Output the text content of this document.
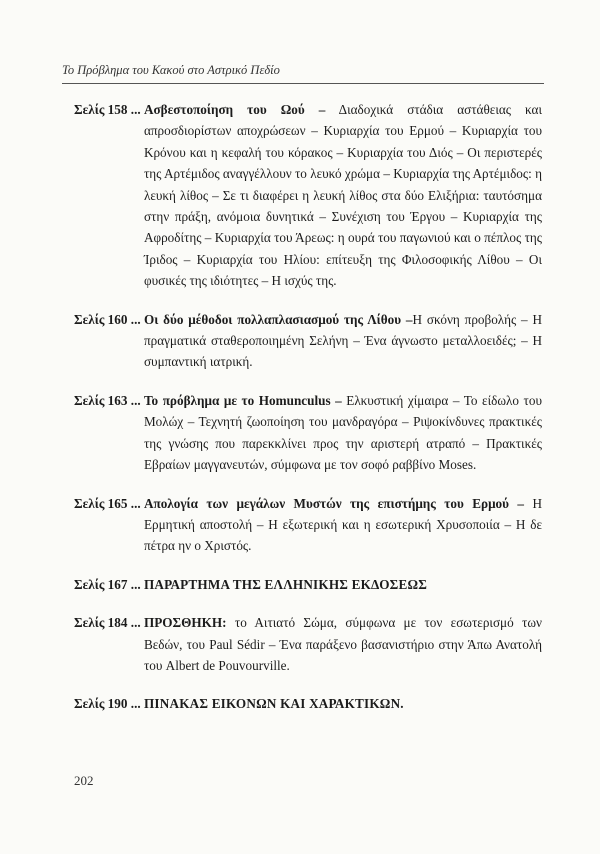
Το Πρόβλημα του Κακού στο Αστρικό Πεδίο
Σελίς 158 ... Ασβεστοποίηση του Ωού – Διαδοχικά στάδια αστάθειας και απροσδιορίστων αποχρώσεων – Κυριαρχία του Ερμού – Κυριαρχία του Κρόνου και η κεφαλή του κόρακος – Κυριαρχία του Διός – Οι περιστερές της Αρτέμιδος αναγγέλλουν το λευκό χρώμα – Κυριαρχία της Αρτέμιδος: η λευκή λίθος – Σε τι διαφέρει η λευκή λίθος στα δύο Ελιξήρια: ταυτόσημα στην πράξη, ανόμοια δυνητικά – Συνέχιση του Έργου – Κυριαρχία της Αφροδίτης – Κυριαρχία του Άρεως: η ουρά του παγωνιού και ο πέπλος της Ίριδος – Κυριαρχία του Ηλίου: επίτευξη της Φιλοσοφικής Λίθου – Οι φυσικές της ιδιότητες – Η ισχύς της.
Σελίς 160 ... Οι δύο μέθοδοι πολλαπλασιασμού της Λίθου –Η σκόνη προβολής – Η πραγματικά σταθεροποιημένη Σελήνη – Ένα άγνωστο μεταλλοειδές; – Η συμπαντική ιατρική.
Σελίς 163 ... Το πρόβλημα με το Homunculus – Ελκυστική χίμαιρα – Το είδωλο του Μολώχ – Τεχνητή ζωοποίηση του μανδραγόρα – Ριψοκίνδυνες πρακτικές της γνώσης που παρεκκλίνει προς την αριστερή ατραπό – Πρακτικές Εβραίων μαγγανευτών, σύμφωνα με τον σοφό ραββίνο Moses.
Σελίς 165 ... Απολογία των μεγάλων Μυστών της επιστήμης του Ερμού – Η Ερμητική αποστολή – Η εξωτερική και η εσωτερική Χρυσοποιία – Η δε πέτρα ην ο Χριστός.
Σελίς 167 ... ΠΑΡΑΡΤΗΜΑ ΤΗΣ ΕΛΛΗΝΙΚΗΣ ΕΚΔΟΣΕΩΣ
Σελίς 184 ... ΠΡΟΣΘΗΚΗ: το Αιτιατό Σώμα, σύμφωνα με τον εσωτερισμό των Βεδών, του Paul Sédir – Ένα παράξενο βασανιστήριο στην Άπω Ανατολή του Albert de Pouvourville.
Σελίς 190 ... ΠΙΝΑΚΑΣ ΕΙΚΟΝΩΝ ΚΑΙ ΧΑΡΑΚΤΙΚΩΝ.
202
